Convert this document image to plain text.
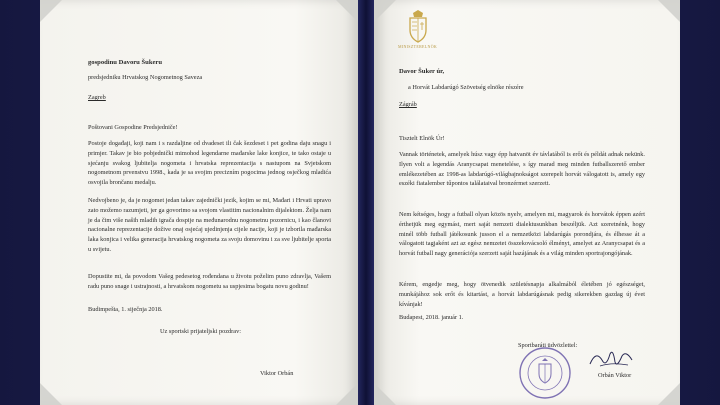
gospodinu Davoru Šukeru
predsjedniku Hrvatskog Nogometnog Saveza
Zagreb
Poštovani Gospodine Predsjedniče!
Postoje događaji, koji nam i s razdaljine od dvadeset ili čak šezdeset i pet godina daju snagu i primjer. Takav je bio pobjednički mimohod legendarne mađarske lake konjice, te tako ostaje u sjećanju svakog ljubitelja nogometa i hrvatska reprezentacija s nastupom na Svjetskom nogometnom prvenstvu 1998., kada je sa svojim precizním pogocima jednog osječkog mladića osvojila brončanu medalju.
Nedvojbeno je, da je nogomet jedan takav zajednički jezik, kojim se mi, Mađari i Hrvati upravo zato možemo razumjeti, jer ga govorimo sa svojom vlastitim nacionalnim dijalektom. Želja nam je da čim više naših mladih igrača dospije na međunarodnu nogometnu pozornicu, i kao članovi nacionalne reprezentacije doživе onaj osjećaj ujedinjenja cijele nacije, koji je izborila mađarska laka konjica i velika generacija hrvatskog nogometa za svoju domovinu i za sve ljubitelje sporta u svijetu.
Dopustite mi, da povodom Vašeg pedesetog rođendana u životu poželim puno zdravlja, Vašem radu puno snage i ustrajnosti, a hrvatskom nogometu sa uspjesima bogatu novu godinu!
Budimpešta, 1. siječnja 2018.
Uz sportski prijateljski pozdrav:
Viktor Orbán
MINISZTERELNÖK
Davor Šuker úr,
a Horvát Labdarúgó Szövetség elnöke részére
Zágráb
Tisztelt Elnök Úr!
Vannak történetek, amelyek húsz vagy épp hatvanöt év távlatából is erőt és példát adnak nekünk. Ilyen volt a legendás Aranycsapat menetelése, s így marad meg minden futballszerető ember emlékezetében az 1998-as labdarúgó-világbajnokságot szerepelt horvát válogatott is, amely egy eszéki fiatalember tűpontos találataival bronzérmet szerzett.
Nem kétséges, hogy a futball olyan közös nyelv, amelyen mi, magyarok és horvátok éppen azért érthetjük meg egymást, mert saját nemzeti dialektusunkban beszéljük. Azt szeretnénk, hogy minél több futball játékosunk jusson el a nemzetközi labdarúgás porondjára, és élhesse át a válogatott tagjaként azt az egész nemzetet összekovácsoló élményt, amelyet az Aranycsapat és a horvát futball nagy generációja szerzett saját hazájának és a világ minden sportrajongójának.
Kérem, engedje meg, hogy ötvenedik születésnapja alkalmából életében jó egészséget, munkájához sok erőt és kitartást, a horvát labdarúgásnak pedig sikerekben gazdag új évet kívánjak!
Budapest, 2018. január 1.
Sportbaráti üdvözlettel:
Orbán Viktor
